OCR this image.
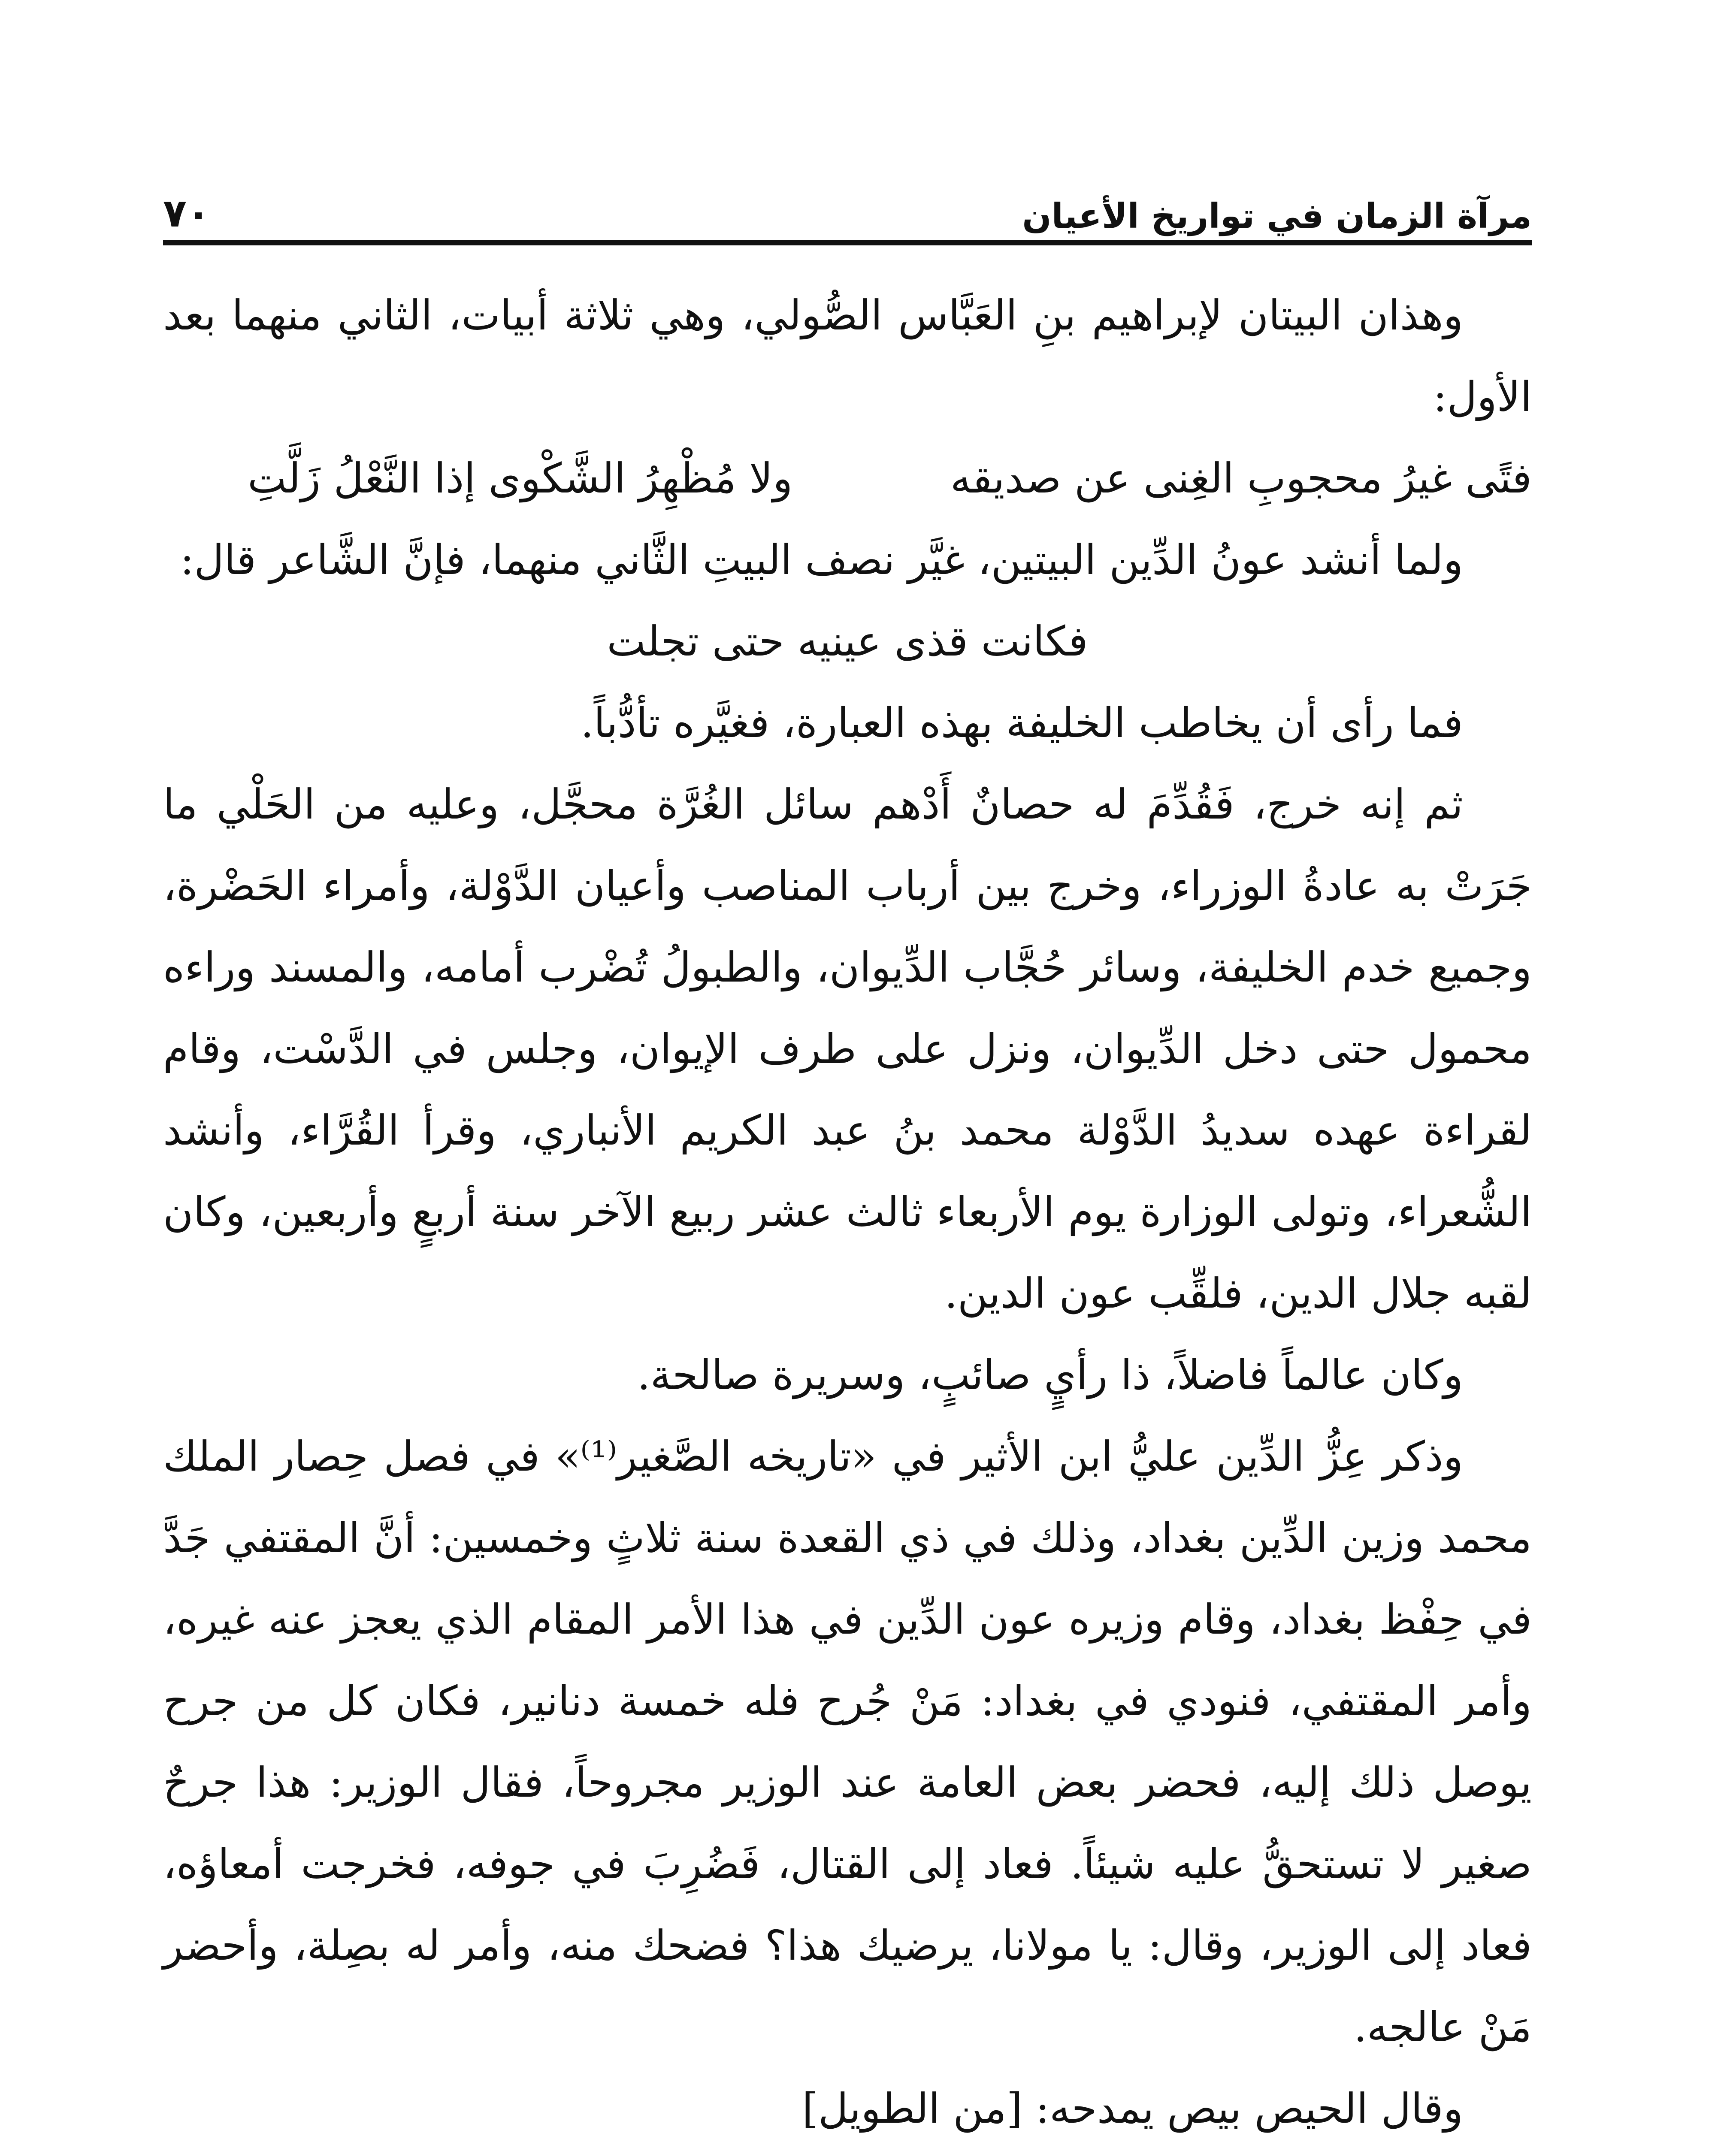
مرآة الزمان في تواريخ الأعيان
٧٠

وهذان البيتان لإبراهيم بنِ العَبَّاس الصُّولي، وهي ثلاثة أبيات، الثاني منهما بعد الأول:

فتًى غيرُ محجوبِ الغِنى عن صديقه
ولا مُظْهِرُ الشَّكْوى إذا النَّعْلُ زَلَّتِ

ولما أنشد عونُ الدِّين البيتين، غيَّر نصف البيتِ الثَّاني منهما، فإنَّ الشَّاعر قال:

فكانت قذى عينيه حتى تجلت

فما رأى أن يخاطب الخليفة بهذه العبارة، فغيَّره تأدُّباً.

ثم إنه خرج، فَقُدِّمَ له حصانٌ أَدْهم سائل الغُرَّة محجَّل، وعليه من الحَلْي ما جَرَتْ به عادةُ الوزراء، وخرج بين أرباب المناصب وأعيان الدَّوْلة، وأمراء الحَضْرة، وجميع خدم الخليفة، وسائر حُجَّاب الدِّيوان، والطبولُ تُضْرب أمامه، والمسند وراءه محمول حتى دخل الدِّيوان، ونزل على طرف الإيوان، وجلس في الدَّسْت، وقام لقراءة عهده سديدُ الدَّوْلة محمد بنُ عبد الكريم الأنباري، وقرأ القُرَّاء، وأنشد الشُّعراء، وتولى الوزارة يوم الأربعاء ثالث عشر ربيع الآخر سنة أربعٍ وأربعين، وكان لقبه جلال الدين، فلقِّب عون الدين.

وكان عالماً فاضلاً، ذا رأيٍ صائبٍ، وسريرة صالحة.

وذكر عِزُّ الدِّين عليُّ ابن الأثير في «تاريخه الصَّغير⁽¹⁾» في فصل حِصار الملك محمد وزين الدِّين بغداد، وذلك في ذي القعدة سنة ثلاثٍ وخمسين: أنَّ المقتفي جَدَّ في حِفْظ بغداد، وقام وزيره عون الدِّين في هذا الأمر المقام الذي يعجز عنه غيره، وأمر المقتفي، فنودي في بغداد: مَنْ جُرح فله خمسة دنانير، فكان كل من جرح يوصل ذلك إليه، فحضر بعض العامة عند الوزير مجروحاً، فقال الوزير: هذا جرحٌ صغير لا تستحقُّ عليه شيئاً. فعاد إلى القتال، فَضُرِبَ في جوفه، فخرجت أمعاؤه، فعاد إلى الوزير، وقال: يا مولانا، يرضيك هذا؟ فضحك منه، وأمر له بصِلة، وأحضر مَنْ عالجه.

وقال الحيص بيص يمدحه: [من الطويل]
